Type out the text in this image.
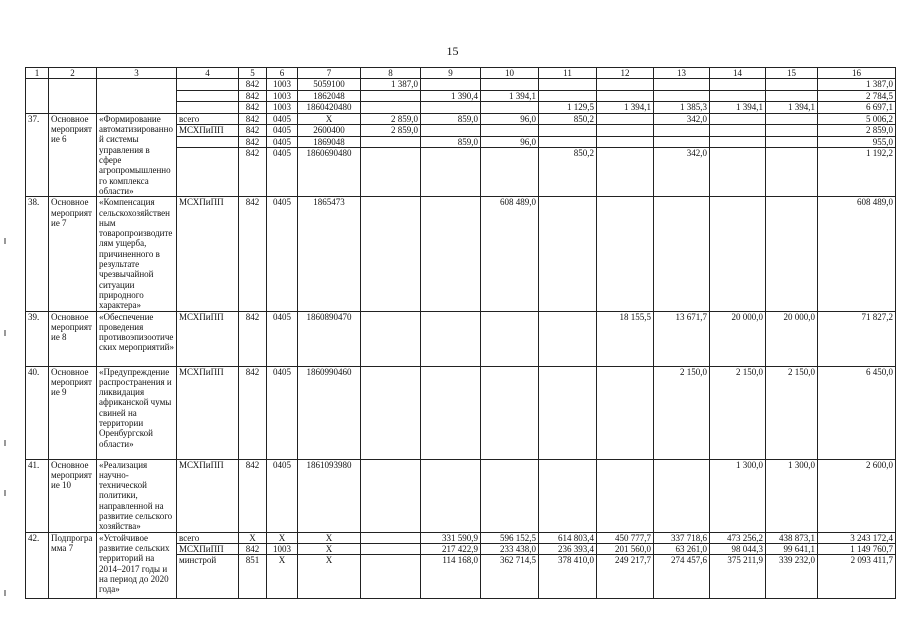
15
1	2	3	4	5	6	7	8	9	10	11	12	13	14	15	16
				842	1003	5059100	1 387,0								1 387,0
				842	1003	1862048		1 390,4	1 394,1						2 784,5
				842	1003	1860420480				1 129,5	1 394,1	1 385,3	1 394,1	1 394,1	6 697,1
37.	Основное мероприятие 6	«Формирование автоматизированной системы управления в сфере агропромышленного комплекса области»	всего	842	0405	X	2 859,0	859,0	96,0	850,2		342,0			5 006,2
			МСХПиПП	842	0405	2600400	2 859,0								2 859,0
				842	0405	1869048		859,0	96,0						955,0
				842	0405	1860690480				850,2		342,0			1 192,2
38.	Основное мероприятие 7	«Компенсация сельскохозяйственным товаропроизводителям ущерба, причиненного в результате чрезвычайной ситуации природного характера»	МСХПиПП	842	0405	1865473			608 489,0						608 489,0
39.	Основное мероприятие 8	«Обеспечение проведения противоэпизоотических мероприятий»	МСХПиПП	842	0405	1860890470					18 155,5	13 671,7	20 000,0	20 000,0	71 827,2
40.	Основное мероприятие 9	«Предупреждение распространения и ликвидация африканской чумы свиней на территории Оренбургской области»	МСХПиПП	842	0405	1860990460						2 150,0	2 150,0	2 150,0	6 450,0
41.	Основное мероприятие 10	«Реализация научно-технической политики, направленной на развитие сельского хозяйства»	МСХПиПП	842	0405	1861093980							1 300,0	1 300,0	2 600,0
42.	Подпрограмма 7	«Устойчивое развитие сельских территорий на 2014–2017 годы и на период до 2020 года»	всего	X	X	X		331 590,9	596 152,5	614 803,4	450 777,7	337 718,6	473 256,2	438 873,1	3 243 172,4
			МСХПиПП	842	1003	X		217 422,9	233 438,0	236 393,4	201 560,0	63 261,0	98 044,3	99 641,1	1 149 760,7
			минстрой	851	X	X		114 168,0	362 714,5	378 410,0	249 217,7	274 457,6	375 211,9	339 232,0	2 093 411,7
